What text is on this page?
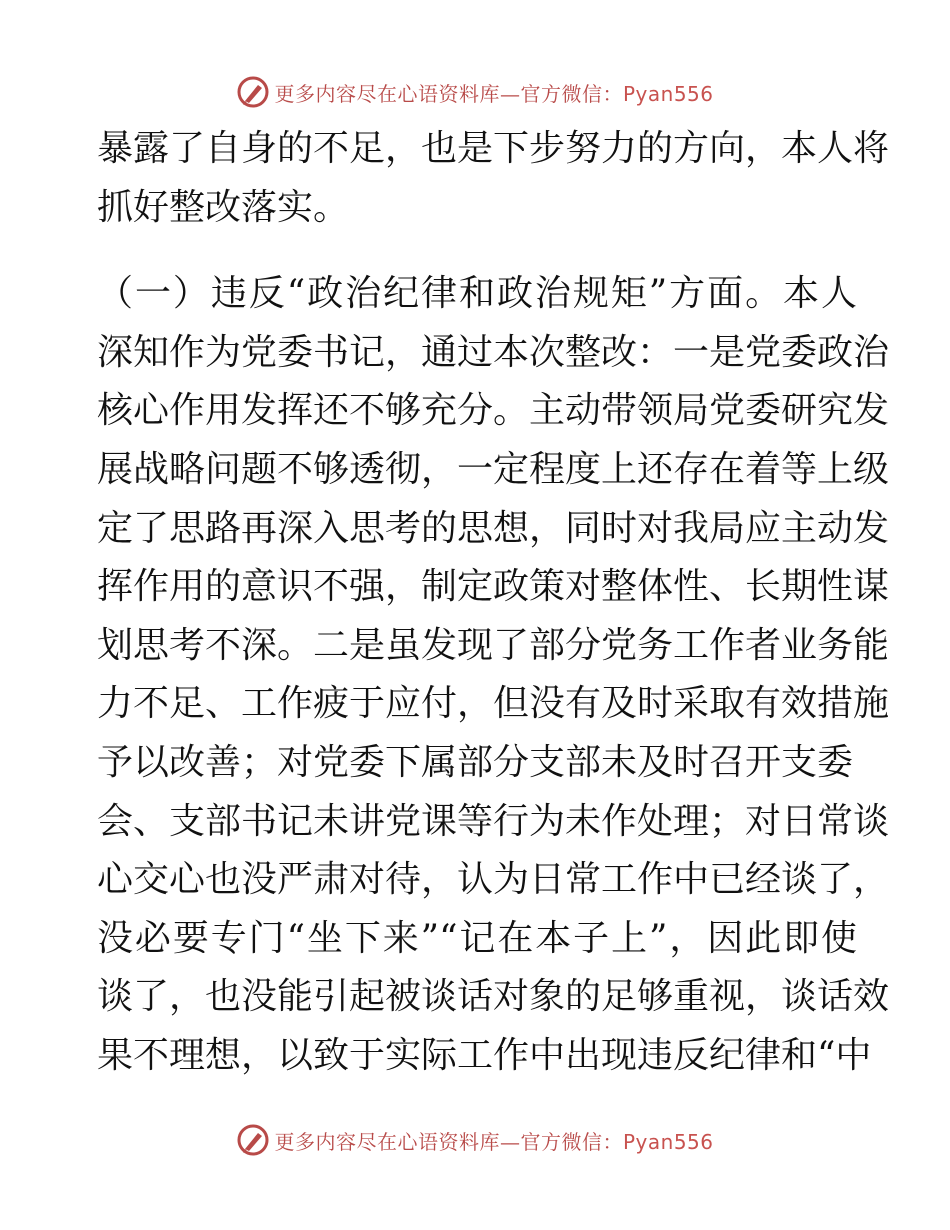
更多内容尽在心语资料库—官方微信：Pyan556
暴露了自身的不足，也是下步努力的方向，本人将
抓好整改落实。
（一）违反“政治纪律和政治规矩”方面。本人
深知作为党委书记，通过本次整改：一是党委政治
核心作用发挥还不够充分。主动带领局党委研究发
展战略问题不够透彻，一定程度上还存在着等上级
定了思路再深入思考的思想，同时对我局应主动发
挥作用的意识不强，制定政策对整体性、长期性谋
划思考不深。二是虽发现了部分党务工作者业务能
力不足、工作疲于应付，但没有及时采取有效措施
予以改善；对党委下属部分支部未及时召开支委
会、支部书记未讲党课等行为未作处理；对日常谈
心交心也没严肃对待，认为日常工作中已经谈了，
没必要专门“坐下来”“记在本子上”，因此即使
谈了，也没能引起被谈话对象的足够重视，谈话效
果不理想，以致于实际工作中出现违反纪律和“中
更多内容尽在心语资料库—官方微信：Pyan556
